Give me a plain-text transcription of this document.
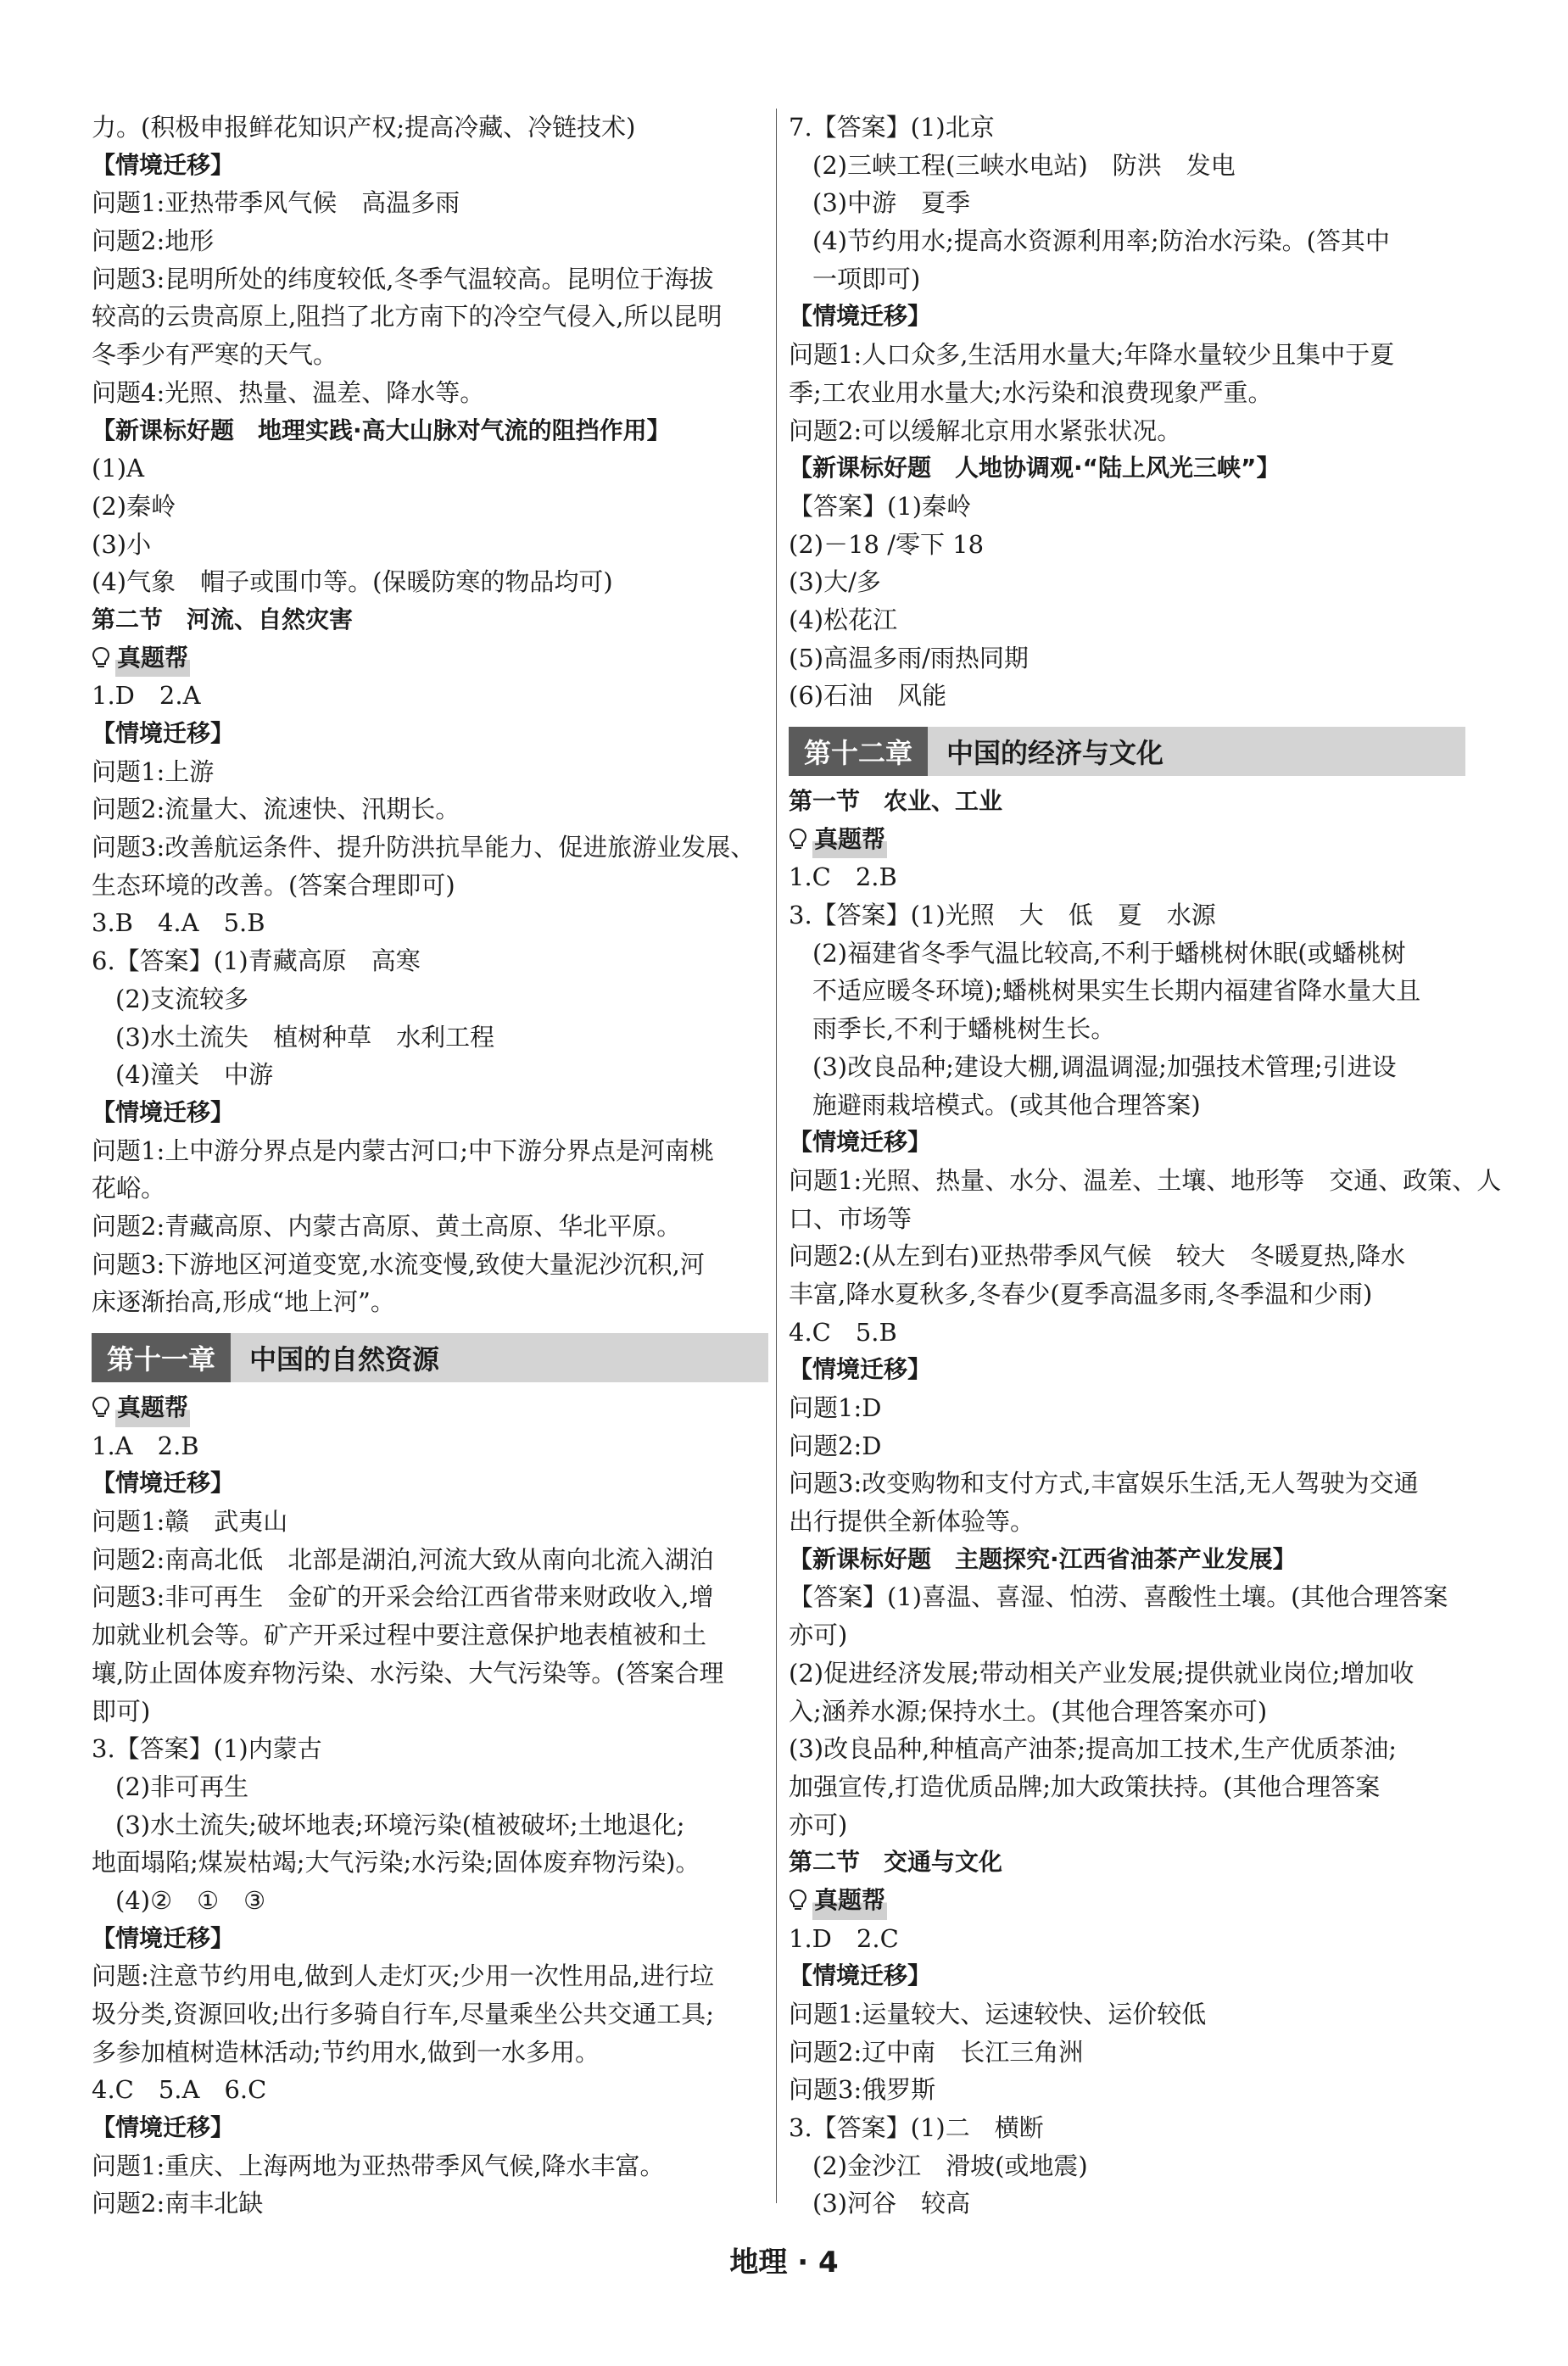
力。(积极申报鲜花知识产权;提高冷藏、冷链技术)
【情境迁移】
问题1:亚热带季风气候　高温多雨
问题2:地形
问题3:昆明所处的纬度较低,冬季气温较高。昆明位于海拔
较高的云贵高原上,阻挡了北方南下的冷空气侵入,所以昆明
冬季少有严寒的天气。
问题4:光照、热量、温差、降水等。
【新课标好题　地理实践·高大山脉对气流的阻挡作用】
(1)A
(2)秦岭
(3)小
(4)气象　帽子或围巾等。(保暖防寒的物品均可)
第二节　河流、自然灾害
真题帮
1.D　2.A
【情境迁移】
问题1:上游
问题2:流量大、流速快、汛期长。
问题3:改善航运条件、提升防洪抗旱能力、促进旅游业发展、
生态环境的改善。(答案合理即可)
3.B　4.A　5.B
6.【答案】(1)青藏高原　高寒
(2)支流较多
(3)水土流失　植树种草　水利工程
(4)潼关　中游
【情境迁移】
问题1:上中游分界点是内蒙古河口;中下游分界点是河南桃
花峪。
问题2:青藏高原、内蒙古高原、黄土高原、华北平原。
问题3:下游地区河道变宽,水流变慢,致使大量泥沙沉积,河
床逐渐抬高,形成“地上河”。
第十一章	中国的自然资源
真题帮
1.A　2.B
【情境迁移】
问题1:赣　武夷山
问题2:南高北低　北部是湖泊,河流大致从南向北流入湖泊
问题3:非可再生　金矿的开采会给江西省带来财政收入,增
加就业机会等。矿产开采过程中要注意保护地表植被和土
壤,防止固体废弃物污染、水污染、大气污染等。(答案合理
即可)
3.【答案】(1)内蒙古
(2)非可再生
(3)水土流失;破坏地表;环境污染(植被破坏;土地退化;
地面塌陷;煤炭枯竭;大气污染;水污染;固体废弃物污染)。
(4)②　①　③
【情境迁移】
问题:注意节约用电,做到人走灯灭;少用一次性用品,进行垃
圾分类,资源回收;出行多骑自行车,尽量乘坐公共交通工具;
多参加植树造林活动;节约用水,做到一水多用。
4.C　5.A　6.C
【情境迁移】
问题1:重庆、上海两地为亚热带季风气候,降水丰富。
问题2:南丰北缺
7.【答案】(1)北京
(2)三峡工程(三峡水电站)　防洪　发电
(3)中游　夏季
(4)节约用水;提高水资源利用率;防治水污染。(答其中
一项即可)
【情境迁移】
问题1:人口众多,生活用水量大;年降水量较少且集中于夏
季;工农业用水量大;水污染和浪费现象严重。
问题2:可以缓解北京用水紧张状况。
【新课标好题　人地协调观·“陆上风光三峡”】
【答案】(1)秦岭
(2)－18 /零下 18
(3)大/多
(4)松花江
(5)高温多雨/雨热同期
(6)石油　风能
第十二章	中国的经济与文化
第一节　农业、工业
真题帮
1.C　2.B
3.【答案】(1)光照　大　低　夏　水源
(2)福建省冬季气温比较高,不利于蟠桃树休眠(或蟠桃树
不适应暖冬环境);蟠桃树果实生长期内福建省降水量大且
雨季长,不利于蟠桃树生长。
(3)改良品种;建设大棚,调温调湿;加强技术管理;引进设
施避雨栽培模式。(或其他合理答案)
【情境迁移】
问题1:光照、热量、水分、温差、土壤、地形等　交通、政策、人
口、市场等
问题2:(从左到右)亚热带季风气候　较大　冬暖夏热,降水
丰富,降水夏秋多,冬春少(夏季高温多雨,冬季温和少雨)
4.C　5.B
【情境迁移】
问题1:D
问题2:D
问题3:改变购物和支付方式,丰富娱乐生活,无人驾驶为交通
出行提供全新体验等。
【新课标好题　主题探究·江西省油茶产业发展】
【答案】(1)喜温、喜湿、怕涝、喜酸性土壤。(其他合理答案
亦可)
(2)促进经济发展;带动相关产业发展;提供就业岗位;增加收
入;涵养水源;保持水土。(其他合理答案亦可)
(3)改良品种,种植高产油茶;提高加工技术,生产优质茶油;
加强宣传,打造优质品牌;加大政策扶持。(其他合理答案
亦可)
第二节　交通与文化
真题帮
1.D　2.C
【情境迁移】
问题1:运量较大、运速较快、运价较低
问题2:辽中南　长江三角洲
问题3:俄罗斯
3.【答案】(1)二　横断
(2)金沙江　滑坡(或地震)
(3)河谷　较高
地理 · 4
